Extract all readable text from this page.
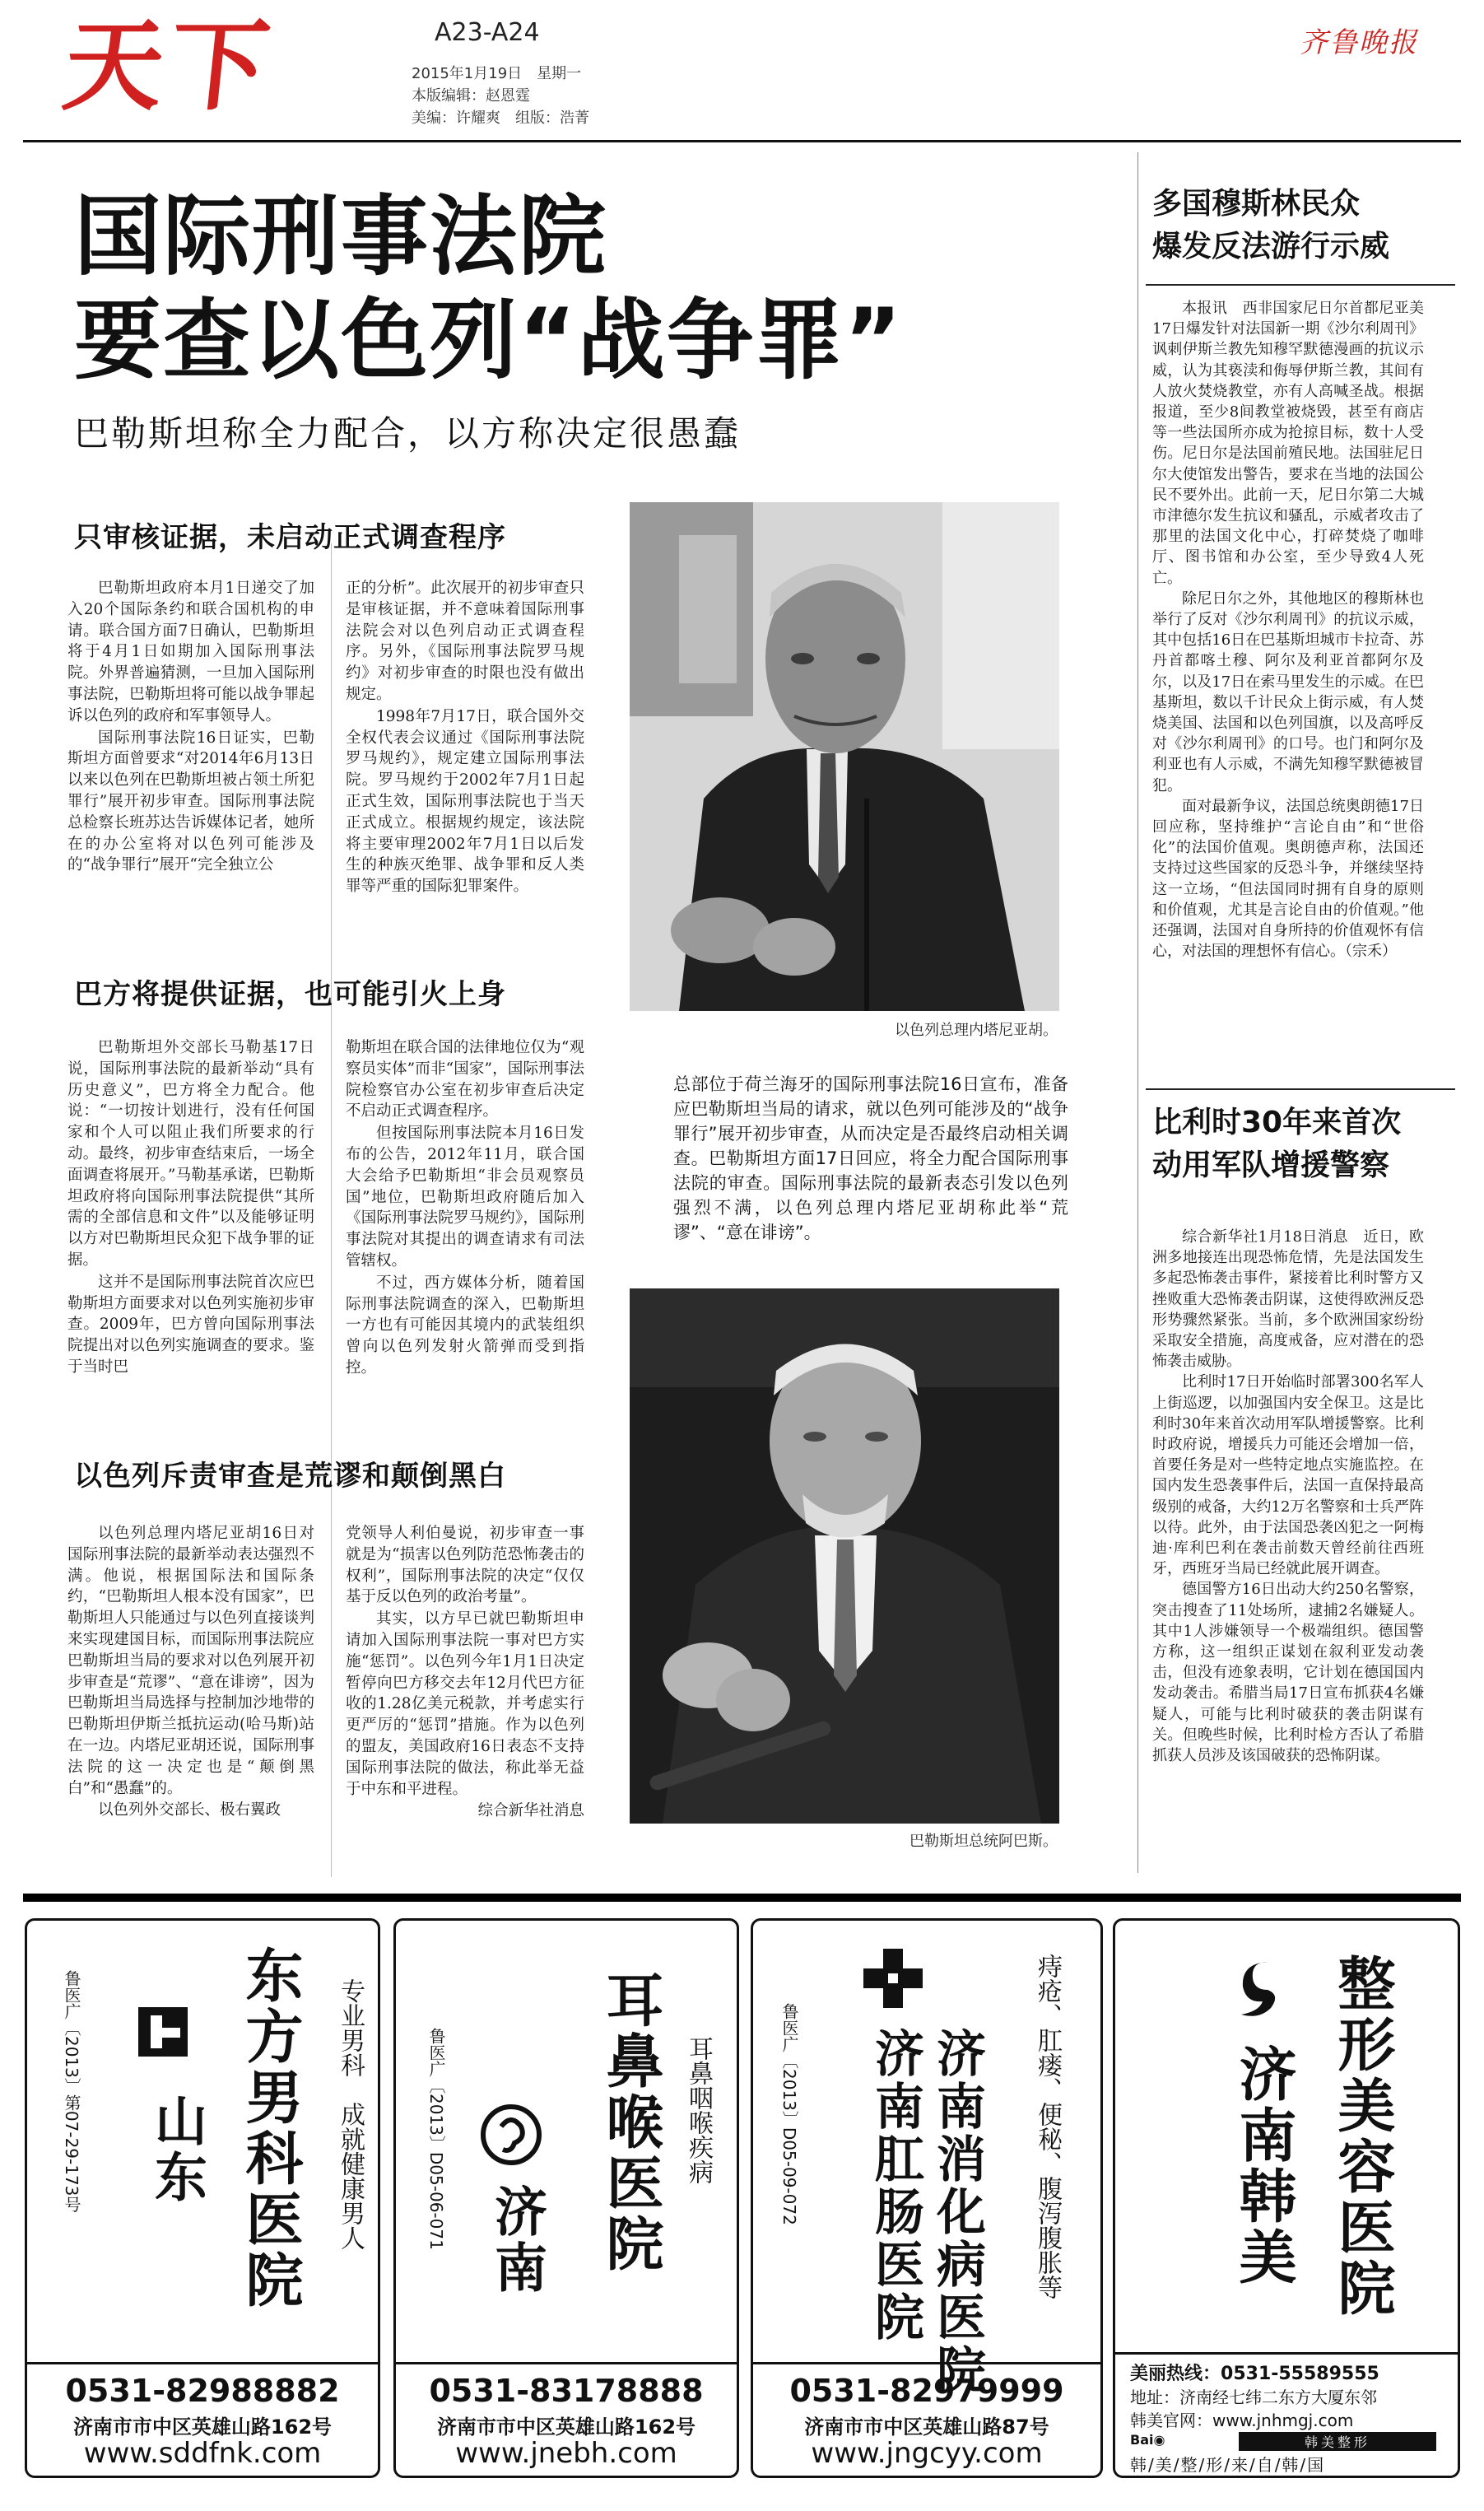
天下	A23-A24
2015年1月19日　星期一
本版编辑：赵恩霆
美编：许耀爽　组版：浩菁
齐鲁晚报
国际刑事法院
要查以色列“战争罪”
巴勒斯坦称全力配合，以方称决定很愚蠢
只审核证据，未启动正式调查程序

巴勒斯坦政府本月1日递交了加入20个国际条约和联合国机构的申请。联合国方面7日确认，巴勒斯坦将于4月1日如期加入国际刑事法院。外界普遍猜测，一旦加入国际刑事法院，巴勒斯坦将可能以战争罪起诉以色列的政府和军事领导人。

国际刑事法院16日证实，巴勒斯坦方面曾要求“对2014年6月13日以来以色列在巴勒斯坦被占领土所犯罪行”展开初步审查。国际刑事法院总检察长班苏达告诉媒体记者，她所在的办公室将对以色列可能涉及的“战争罪行”展开“完全独立公

正的分析”。此次展开的初步审查只是审核证据，并不意味着国际刑事法院会对以色列启动正式调查程序。另外，《国际刑事法院罗马规约》对初步审查的时限也没有做出规定。

1998年7月17日，联合国外交全权代表会议通过《国际刑事法院罗马规约》，规定建立国际刑事法院。罗马规约于2002年7月1日起正式生效，国际刑事法院也于当天正式成立。根据规约规定，该法院将主要审理2002年7月1日以后发生的种族灭绝罪、战争罪和反人类罪等严重的国际犯罪案件。

巴方将提供证据，也可能引火上身

巴勒斯坦外交部长马勒基17日说，国际刑事法院的最新举动“具有历史意义”，巴方将全力配合。他说：“一切按计划进行，没有任何国家和个人可以阻止我们所要求的行动。最终，初步审查结束后，一场全面调查将展开。”马勒基承诺，巴勒斯坦政府将向国际刑事法院提供“其所需的全部信息和文件”以及能够证明以方对巴勒斯坦民众犯下战争罪的证据。

这并不是国际刑事法院首次应巴勒斯坦方面要求对以色列实施初步审查。2009年，巴方曾向国际刑事法院提出对以色列实施调查的要求。鉴于当时巴

勒斯坦在联合国的法律地位仅为“观察员实体”而非“国家”，国际刑事法院检察官办公室在初步审查后决定不启动正式调查程序。

但按国际刑事法院本月16日发布的公告，2012年11月，联合国大会给予巴勒斯坦“非会员观察员国”地位，巴勒斯坦政府随后加入《国际刑事法院罗马规约》，国际刑事法院对其提出的调查请求有司法管辖权。

不过，西方媒体分析，随着国际刑事法院调查的深入，巴勒斯坦一方也有可能因其境内的武装组织曾向以色列发射火箭弹而受到指控。

以色列斥责审查是荒谬和颠倒黑白

以色列总理内塔尼亚胡16日对国际刑事法院的最新举动表达强烈不满。他说，根据国际法和国际条约，“巴勒斯坦人根本没有国家”，巴勒斯坦人只能通过与以色列直接谈判来实现建国目标，而国际刑事法院应巴勒斯坦当局的要求对以色列展开初步审查是“荒谬”、“意在诽谤”，因为巴勒斯坦当局选择与控制加沙地带的巴勒斯坦伊斯兰抵抗运动(哈马斯)站在一边。内塔尼亚胡还说，国际刑事法院的这一决定也是“颠倒黑白”和“愚蠢”的。

以色列外交部长、极右翼政

党领导人利伯曼说，初步审查一事就是为“损害以色列防范恐怖袭击的权利”，国际刑事法院的决定“仅仅基于反以色列的政治考量”。

其实，以方早已就巴勒斯坦申请加入国际刑事法院一事对巴方实施“惩罚”。以色列今年1月1日决定暂停向巴方移交去年12月代巴方征收的1.28亿美元税款，并考虑实行更严厉的“惩罚”措施。作为以色列的盟友，美国政府16日表态不支持国际刑事法院的做法，称此举无益于中东和平进程。

综合新华社消息

以色列总理内塔尼亚胡。
总部位于荷兰海牙的国际刑事法院16日宣布，准备应巴勒斯坦当局的请求，就以色列可能涉及的“战争罪行”展开初步审查，从而决定是否最终启动相关调查。巴勒斯坦方面17日回应，将全力配合国际刑事法院的审查。国际刑事法院的最新表态引发以色列强烈不满，以色列总理内塔尼亚胡称此举“荒谬”、“意在诽谤”。
巴勒斯坦总统阿巴斯。
多国穆斯林民众
爆发反法游行示威

本报讯　西非国家尼日尔首都尼亚美17日爆发针对法国新一期《沙尔利周刊》讽刺伊斯兰教先知穆罕默德漫画的抗议示威，认为其亵渎和侮辱伊斯兰教，其间有人放火焚烧教堂，亦有人高喊圣战。根据报道，至少8间教堂被烧毁，甚至有商店等一些法国所亦成为抢掠目标，数十人受伤。尼日尔是法国前殖民地。法国驻尼日尔大使馆发出警告，要求在当地的法国公民不要外出。此前一天，尼日尔第二大城市津德尔发生抗议和骚乱，示威者攻击了那里的法国文化中心，打碎焚烧了咖啡厅、图书馆和办公室，至少导致4人死亡。

除尼日尔之外，其他地区的穆斯林也举行了反对《沙尔利周刊》的抗议示威，其中包括16日在巴基斯坦城市卡拉奇、苏丹首都喀土穆、阿尔及利亚首都阿尔及尔，以及17日在索马里发生的示威。在巴基斯坦，数以千计民众上街示威，有人焚烧美国、法国和以色列国旗，以及高呼反对《沙尔利周刊》的口号。也门和阿尔及利亚也有人示威，不满先知穆罕默德被冒犯。

面对最新争议，法国总统奥朗德17日回应称，坚持维护“言论自由”和“世俗化”的法国价值观。奥朗德声称，法国还支持过这些国家的反恐斗争，并继续坚持这一立场，“但法国同时拥有自身的原则和价值观，尤其是言论自由的价值观。”他还强调，法国对自身所持的价值观怀有信心，对法国的理想怀有信心。（宗禾）

比利时30年来首次
动用军队增援警察

综合新华社1月18日消息　近日，欧洲多地接连出现恐怖危情，先是法国发生多起恐怖袭击事件，紧接着比利时警方又挫败重大恐怖袭击阴谋，这使得欧洲反恐形势骤然紧张。当前，多个欧洲国家纷纷采取安全措施，高度戒备，应对潜在的恐怖袭击威胁。

比利时17日开始临时部署300名军人上街巡逻，以加强国内安全保卫。这是比利时30年来首次动用军队增援警察。比利时政府说，增援兵力可能还会增加一倍，首要任务是对一些特定地点实施监控。在国内发生恐袭事件后，法国一直保持最高级别的戒备，大约12万名警察和士兵严阵以待。此外，由于法国恐袭凶犯之一阿梅迪·库利巴利在袭击前数天曾经前往西班牙，西班牙当局已经就此展开调查。

德国警方16日出动大约250名警察，突击搜查了11处场所，逮捕2名嫌疑人。其中1人涉嫌领导一个极端组织。德国警方称，这一组织正谋划在叙利亚发动袭击，但没有迹象表明，它计划在德国国内发动袭击。希腊当局17日宣布抓获4名嫌疑人，可能与比利时破获的袭击阴谋有关。但晚些时候，比利时检方否认了希腊抓获人员涉及该国破获的恐怖阴谋。

东方男科医院
山东	专业男科　成就健康男人
鲁医广〔2013〕第07-29-173号
0531-82988882
济南市市中区英雄山路162号
www.sddfnk.com
耳鼻喉医院
济南
耳鼻咽喉疾病
鲁医广〔2013〕D05-06-071
0531-83178888
济南市市中区英雄山路162号
www.jnebh.com
济南消化病医院
济南肛肠医院	痔疮、肛瘘、便秘、腹泻腹胀等
鲁医广〔2013〕D05-09-072
0531-82979999
济南市市中区英雄山路87号
www.jngcyy.com
整形美容医院
济南韩美
美丽热线：0531-55589555
地址：济南经七纬二东方大厦东邻
韩美官网：www.jnhmgj.com
Bai◉	韩美整形
韩/美/整/形/来/自/韩/国
